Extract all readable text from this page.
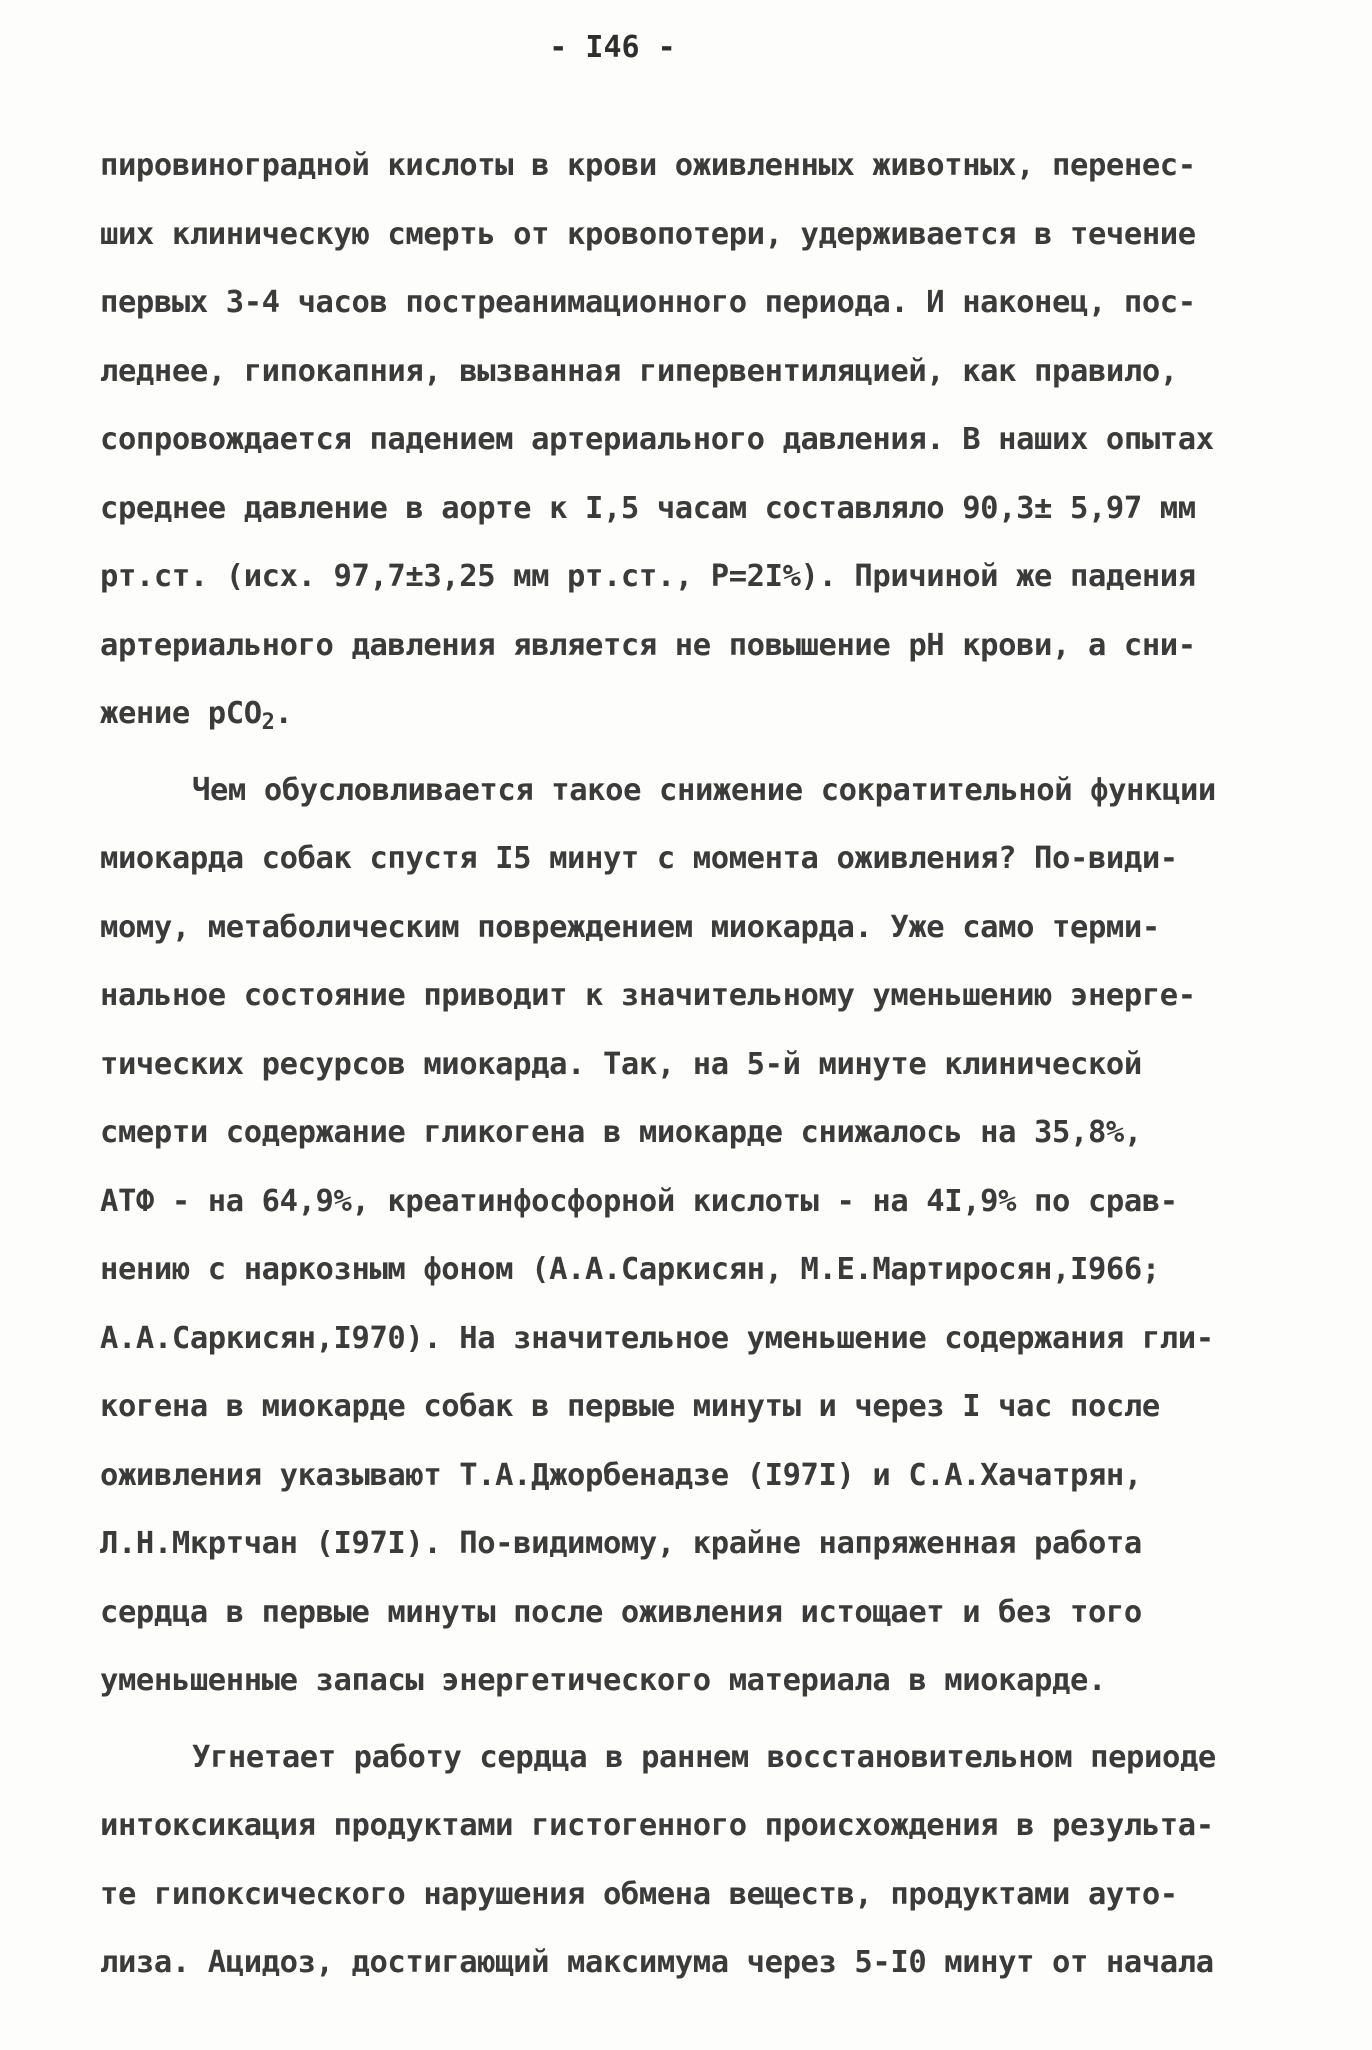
- I46 -
пировиноградной кислоты в крови оживленных животных, перенес-
ших клиническую смерть от кровопотери, удерживается в течение
первых 3-4 часов постреанимационного периода. И наконец, пос-
леднее, гипокапния, вызванная гипервентиляцией, как правило,
сопровождается падением артериального давления. В наших опытах
среднее давление в аорте к I,5 часам составляло 90,3± 5,97 мм
рт.ст. (исх. 97,7±3,25 мм рт.ст., P=2I%). Причиной же падения
артериального давления является не повышение pH крови, а сни-
жение pCO$_2$.
Чем обусловливается такое снижение сократительной функции
миокарда собак спустя I5 минут с момента оживления? По-види-
мому, метаболическим повреждением миокарда. Уже само терми-
нальное состояние приводит к значительному уменьшению энерге-
тических ресурсов миокарда. Так, на 5-й минуте клинической
смерти содержание гликогена в миокарде снижалось на 35,8%,
АТФ - на 64,9%, креатинфосфорной кислоты - на 4I,9% по срав-
нению с наркозным фоном (А.А.Саркисян, М.Е.Мартиросян,I966;
А.А.Саркисян,I970). На значительное уменьшение содержания гли-
когена в миокарде собак в первые минуты и через I час после
оживления указывают Т.А.Джорбенадзе (I97I) и С.А.Хачатрян,
Л.Н.Мкртчан (I97I). По-видимому, крайне напряженная работа
сердца в первые минуты после оживления истощает и без того
уменьшенные запасы энергетического материала в миокарде.
Угнетает работу сердца в раннем восстановительном периоде
интоксикация продуктами гистогенного происхождения в результа-
те гипоксического нарушения обмена веществ, продуктами ауто-
лиза. Ацидоз, достигающий максимума через 5-I0 минут от начала
